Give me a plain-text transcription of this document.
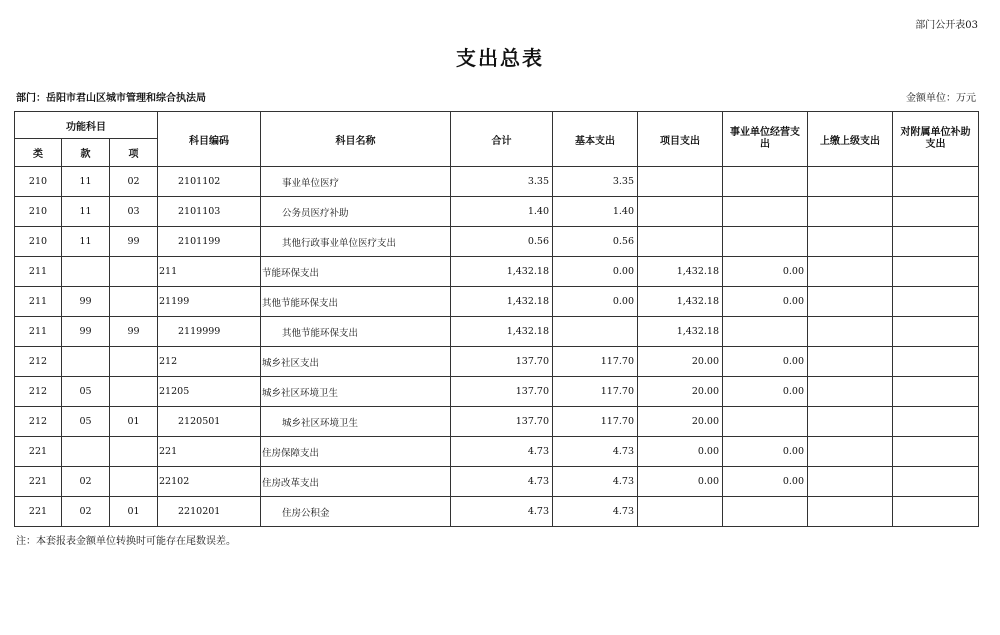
部门公开表03
支出总表
部门：岳阳市君山区城市管理和综合执法局	金额单位：万元
功能科目			科目编码	科目名称	合计	基本支出	项目支出	事业单位经营支出	上缴上级支出	对附属单位补助支出
类	款	项								
210	11	02	2101102	事业单位医疗	3.35	3.35				
210	11	03	2101103	公务员医疗补助	1.40	1.40				
210	11	99	2101199	其他行政事业单位医疗支出	0.56	0.56				
211			211	节能环保支出	1,432.18	0.00	1,432.18	0.00		
211	99		21199	其他节能环保支出	1,432.18	0.00	1,432.18	0.00		
211	99	99	2119999	其他节能环保支出	1,432.18		1,432.18			
212			212	城乡社区支出	137.70	117.70	20.00	0.00		
212	05		21205	城乡社区环境卫生	137.70	117.70	20.00	0.00		
212	05	01	2120501	城乡社区环境卫生	137.70	117.70	20.00			
221			221	住房保障支出	4.73	4.73	0.00	0.00		
221	02		22102	住房改革支出	4.73	4.73	0.00	0.00		
221	02	01	2210201	住房公积金	4.73	4.73				
注：本套报表金额单位转换时可能存在尾数误差。
